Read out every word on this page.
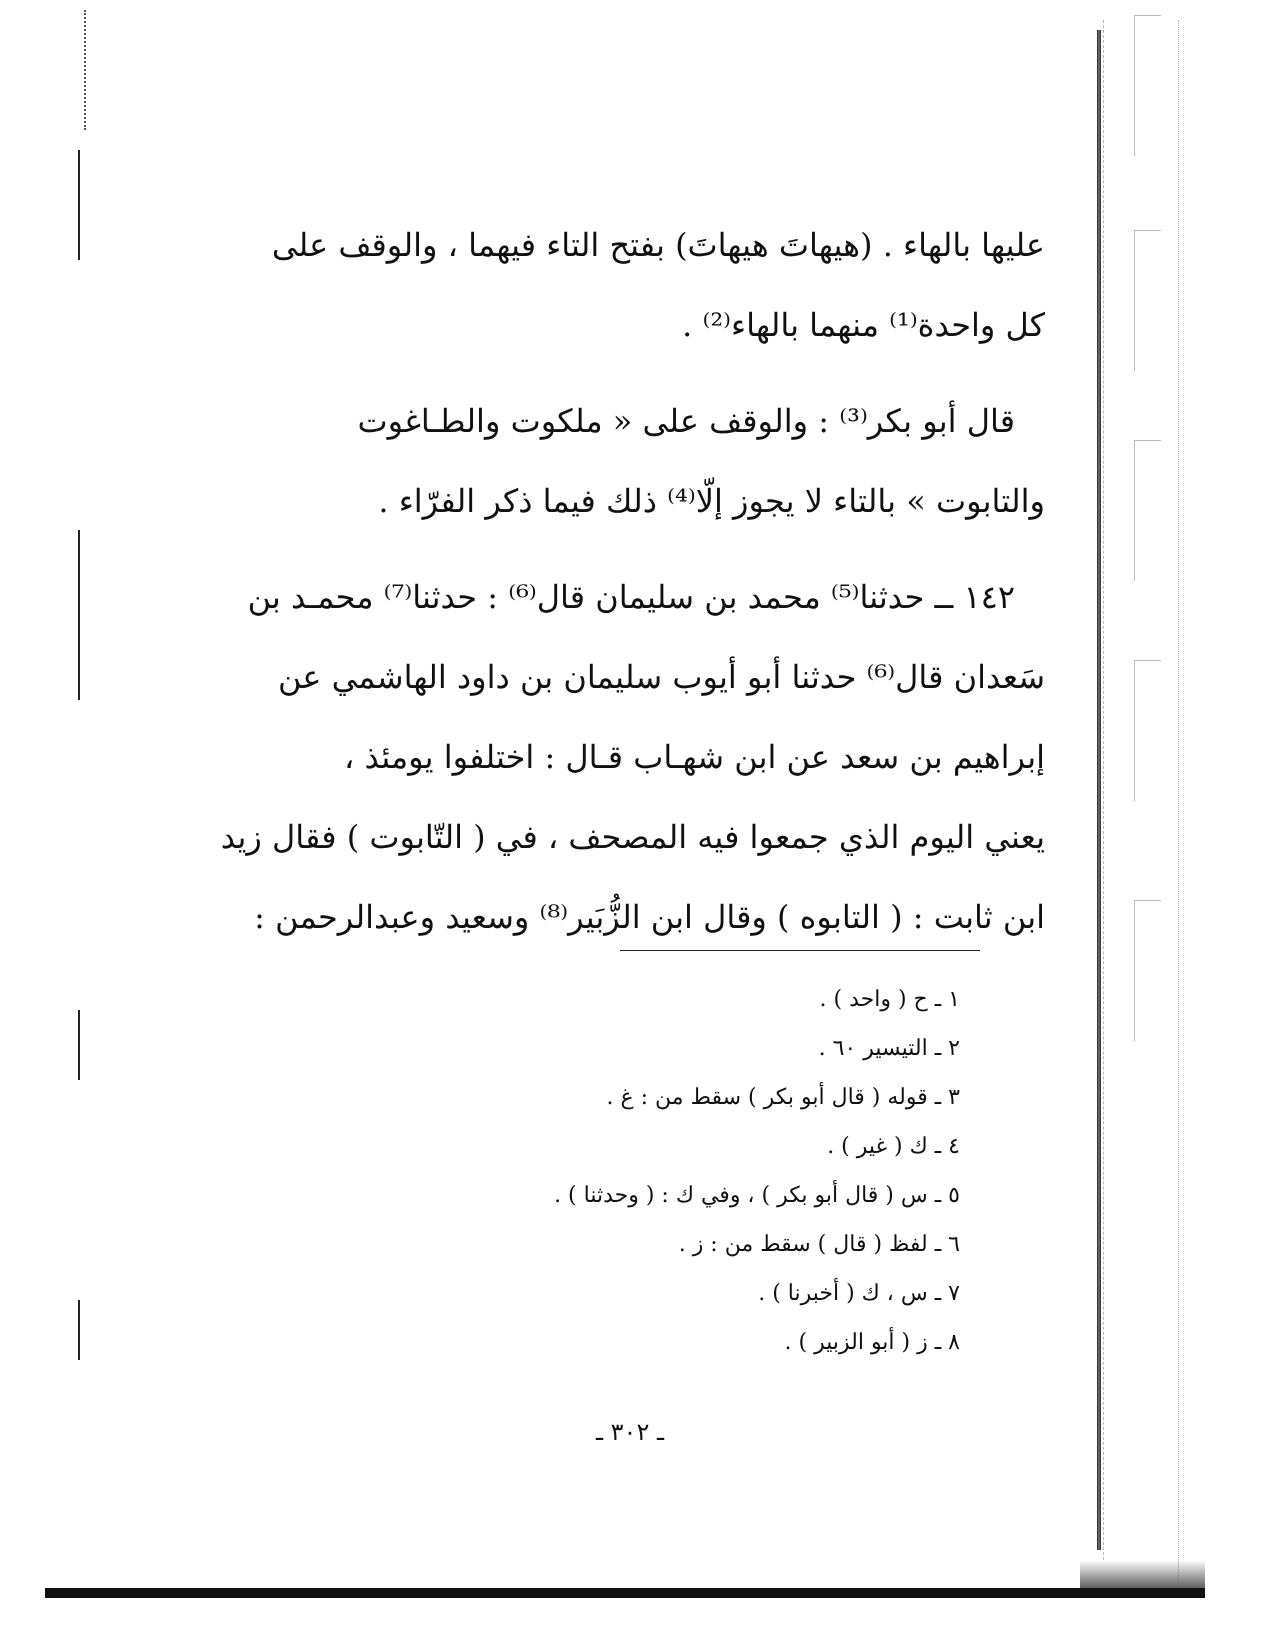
عليها بالهاء . (هيهاتَ هيهاتَ) بفتح التاء فيهما ، والوقف على
كل واحدة⁽¹⁾ منهما بالهاء⁽²⁾ .
قال أبو بكر⁽³⁾ : والوقف على « ملكوت والطـاغوت
والتابوت » بالتاء لا يجوز إلّا⁽⁴⁾ ذلك فيما ذكر الفرّاء .
١٤٢ ــ حدثنا⁽⁵⁾ محمد بن سليمان قال⁽⁶⁾ : حدثنا⁽⁷⁾ محمـد بن
سَعدان قال⁽⁶⁾ حدثنا أبو أيوب سليمان بن داود الهاشمي عن
إبراهيم بن سعد عن ابن شهـاب قـال : اختلفوا يومئذ ،
يعني اليوم الذي جمعوا فيه المصحف ، في ( التّابوت ) فقال زيد
ابن ثابت : ( التابوه ) وقال ابن الزُّبَير⁽⁸⁾ وسعيد وعبدالرحمن :
١ ـ ح ( واحد ) .
٢ ـ التيسير ٦٠ .
٣ ـ قوله ( قال أبو بكر ) سقط من : غ .
٤ ـ ك ( غير ) .
٥ ـ س ( قال أبو بكر ) ، وفي ك : ( وحدثنا ) .
٦ ـ لفظ ( قال ) سقط من : ز .
٧ ـ س ، ك ( أخبرنا ) .
٨ ـ ز ( أبو الزبير ) .
ـ ٣٠٢ ـ
